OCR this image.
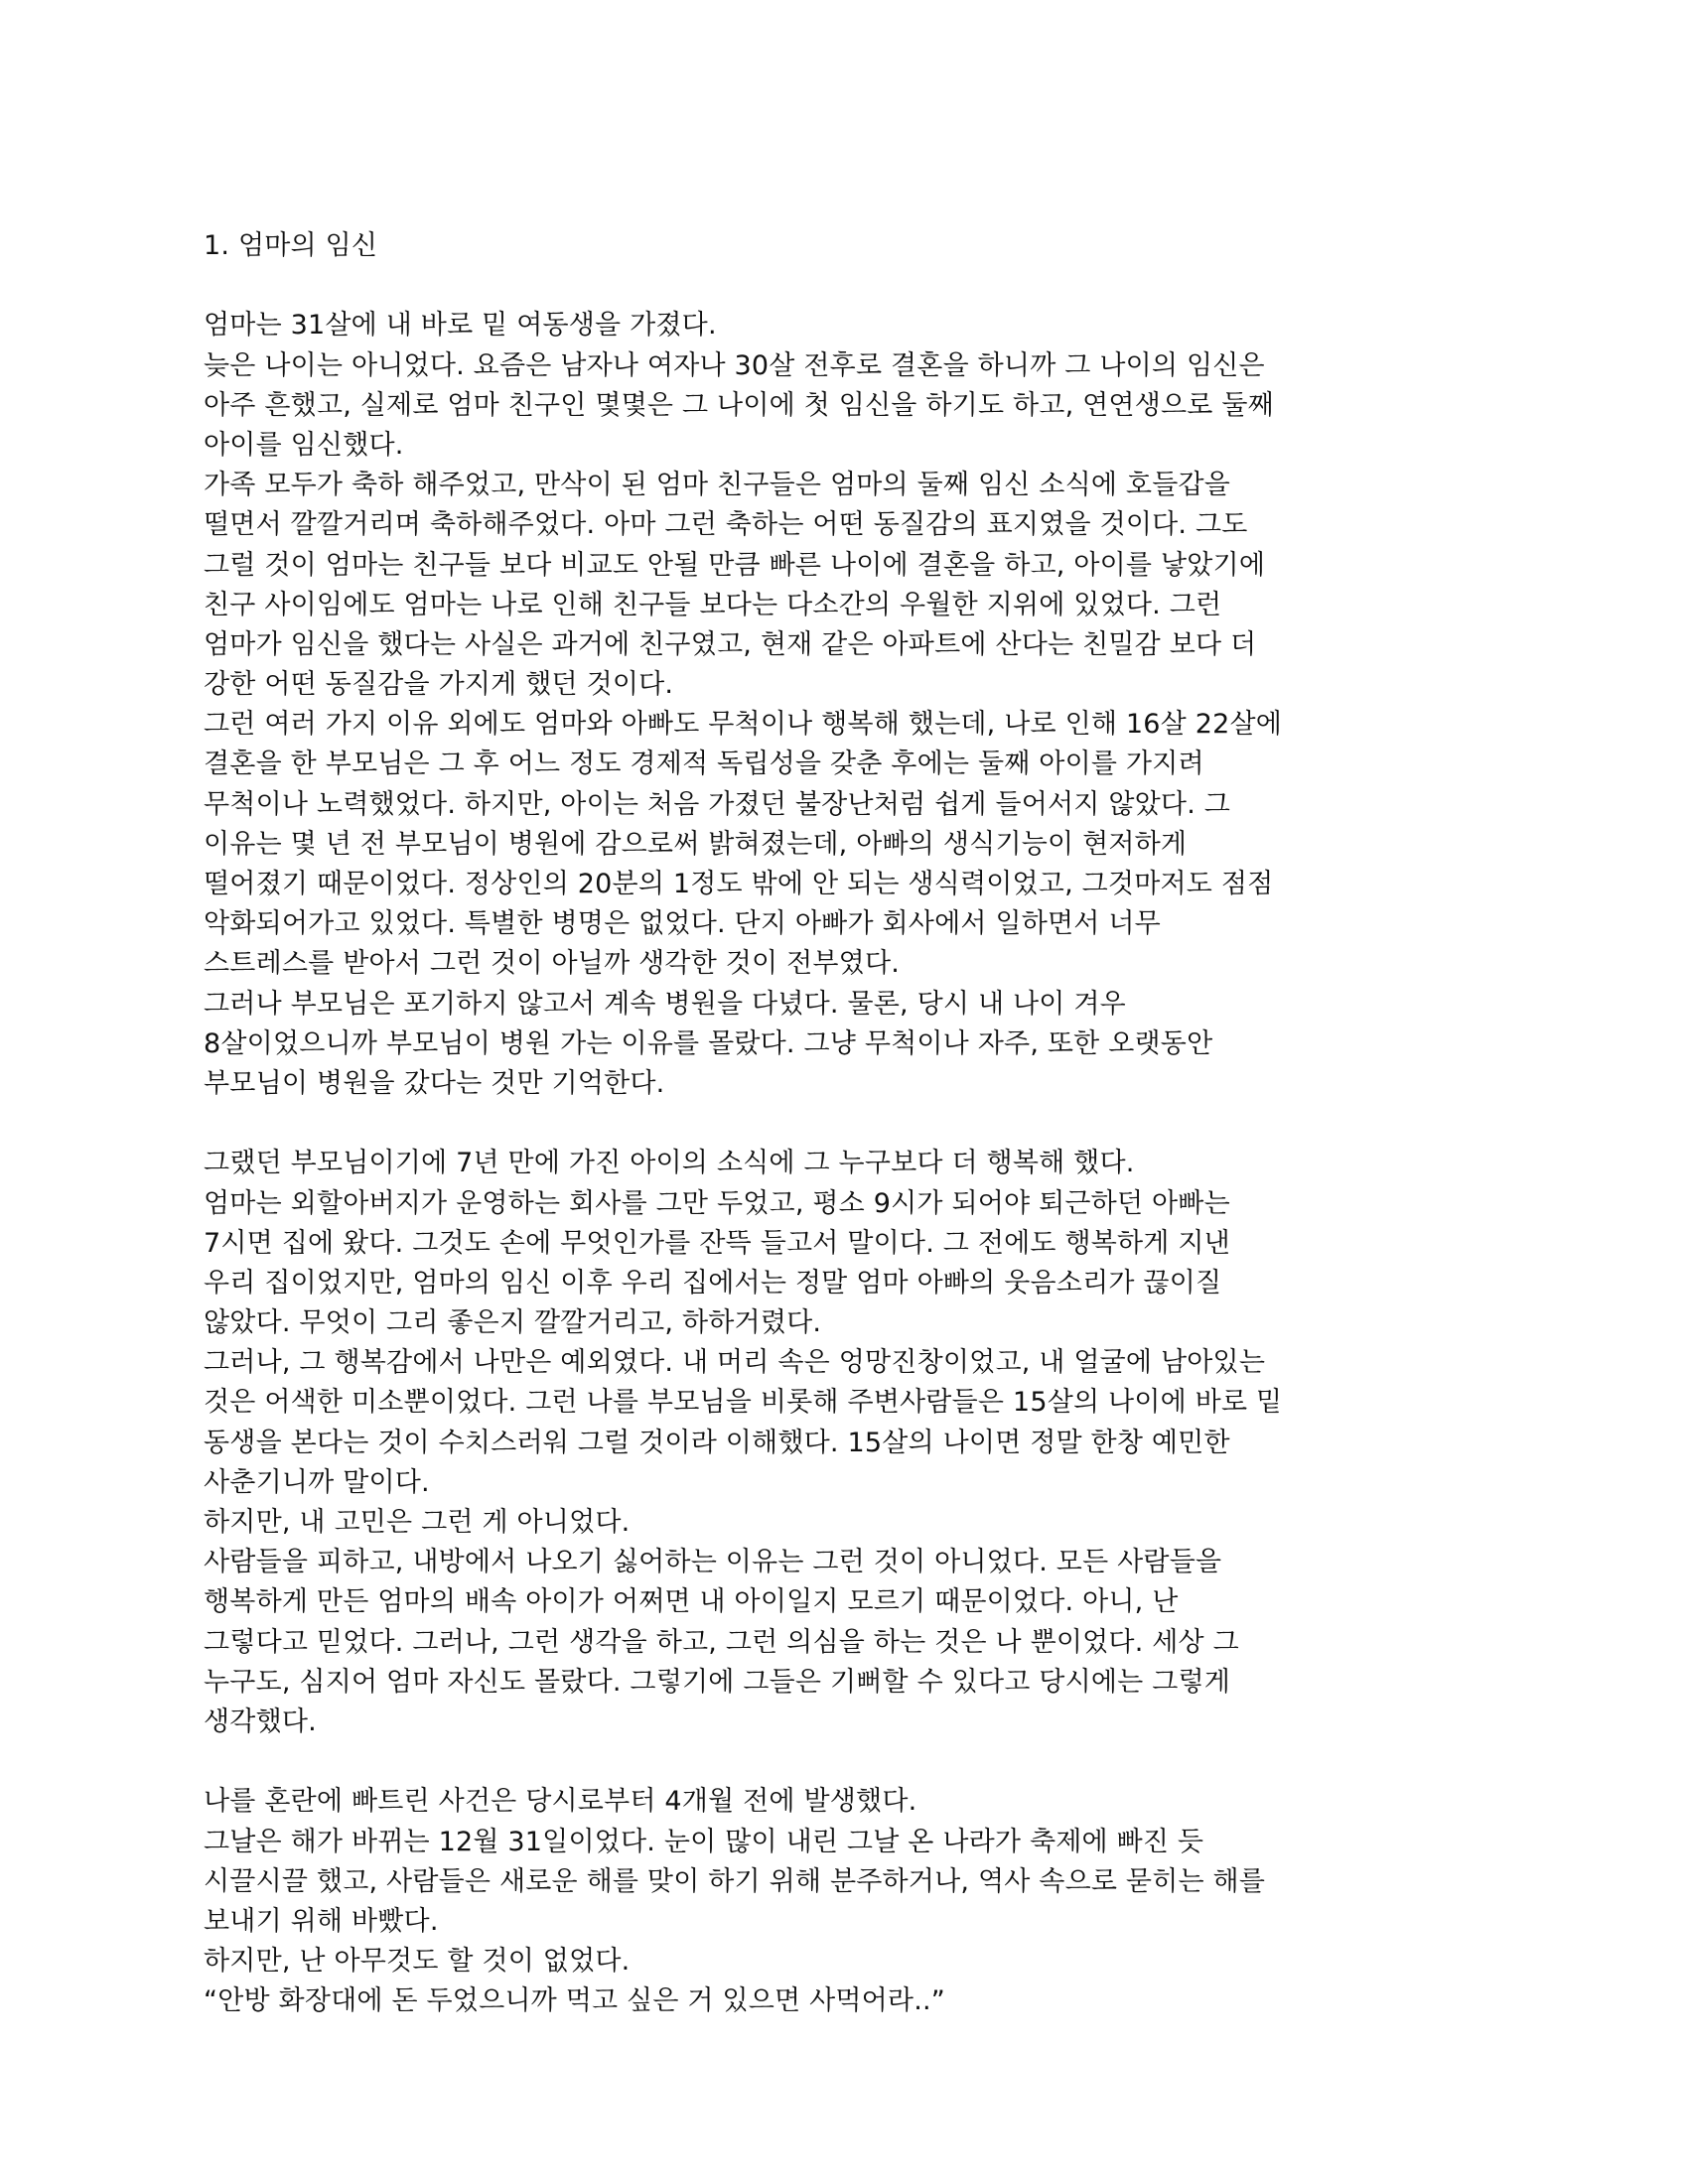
1. 엄마의 임신
엄마는 31살에 내 바로 밑 여동생을 가졌다.
늦은 나이는 아니었다. 요즘은 남자나 여자나 30살 전후로 결혼을 하니까 그 나이의 임신은
아주 흔했고, 실제로 엄마 친구인 몇몇은 그 나이에 첫 임신을 하기도 하고, 연연생으로 둘째
아이를 임신했다.
가족 모두가 축하 해주었고, 만삭이 된 엄마 친구들은 엄마의 둘째 임신 소식에 호들갑을
떨면서 깔깔거리며 축하해주었다. 아마 그런 축하는 어떤 동질감의 표지였을 것이다. 그도
그럴 것이 엄마는 친구들 보다 비교도 안될 만큼 빠른 나이에 결혼을 하고, 아이를 낳았기에
친구 사이임에도 엄마는 나로 인해 친구들 보다는 다소간의 우월한 지위에 있었다. 그런
엄마가 임신을 했다는 사실은 과거에 친구였고, 현재 같은 아파트에 산다는 친밀감 보다 더
강한 어떤 동질감을 가지게 했던 것이다.
그런 여러 가지 이유 외에도 엄마와 아빠도 무척이나 행복해 했는데, 나로 인해 16살 22살에
결혼을 한 부모님은 그 후 어느 정도 경제적 독립성을 갖춘 후에는 둘째 아이를 가지려
무척이나 노력했었다. 하지만, 아이는 처음 가졌던 불장난처럼 쉽게 들어서지 않았다. 그
이유는 몇 년 전 부모님이 병원에 감으로써 밝혀졌는데, 아빠의 생식기능이 현저하게
떨어졌기 때문이었다. 정상인의 20분의 1정도 밖에 안 되는 생식력이었고, 그것마저도 점점
악화되어가고 있었다. 특별한 병명은 없었다. 단지 아빠가 회사에서 일하면서 너무
스트레스를 받아서 그런 것이 아닐까 생각한 것이 전부였다.
그러나 부모님은 포기하지 않고서 계속 병원을 다녔다. 물론, 당시 내 나이 겨우
8살이었으니까 부모님이 병원 가는 이유를 몰랐다. 그냥 무척이나 자주, 또한 오랫동안
부모님이 병원을 갔다는 것만 기억한다.
그랬던 부모님이기에 7년 만에 가진 아이의 소식에 그 누구보다 더 행복해 했다.
엄마는 외할아버지가 운영하는 회사를 그만 두었고, 평소 9시가 되어야 퇴근하던 아빠는
7시면 집에 왔다. 그것도 손에 무엇인가를 잔뜩 들고서 말이다. 그 전에도 행복하게 지낸
우리 집이었지만, 엄마의 임신 이후 우리 집에서는 정말 엄마 아빠의 웃음소리가 끊이질
않았다. 무엇이 그리 좋은지 깔깔거리고, 하하거렸다.
그러나, 그 행복감에서 나만은 예외였다. 내 머리 속은 엉망진창이었고, 내 얼굴에 남아있는
것은 어색한 미소뿐이었다. 그런 나를 부모님을 비롯해 주변사람들은 15살의 나이에 바로 밑
동생을 본다는 것이 수치스러워 그럴 것이라 이해했다. 15살의 나이면 정말 한창 예민한
사춘기니까 말이다.
하지만, 내 고민은 그런 게 아니었다.
사람들을 피하고, 내방에서 나오기 싫어하는 이유는 그런 것이 아니었다. 모든 사람들을
행복하게 만든 엄마의 배속 아이가 어쩌면 내 아이일지 모르기 때문이었다. 아니, 난
그렇다고 믿었다. 그러나, 그런 생각을 하고, 그런 의심을 하는 것은 나 뿐이었다. 세상 그
누구도, 심지어 엄마 자신도 몰랐다. 그렇기에 그들은 기뻐할 수 있다고 당시에는 그렇게
생각했다.
나를 혼란에 빠트린 사건은 당시로부터 4개월 전에 발생했다.
그날은 해가 바뀌는 12월 31일이었다. 눈이 많이 내린 그날 온 나라가 축제에 빠진 듯
시끌시끌 했고, 사람들은 새로운 해를 맞이 하기 위해 분주하거나, 역사 속으로 묻히는 해를
보내기 위해 바빴다.
하지만, 난 아무것도 할 것이 없었다.
“안방 화장대에 돈 두었으니까 먹고 싶은 거 있으면 사먹어라..”
